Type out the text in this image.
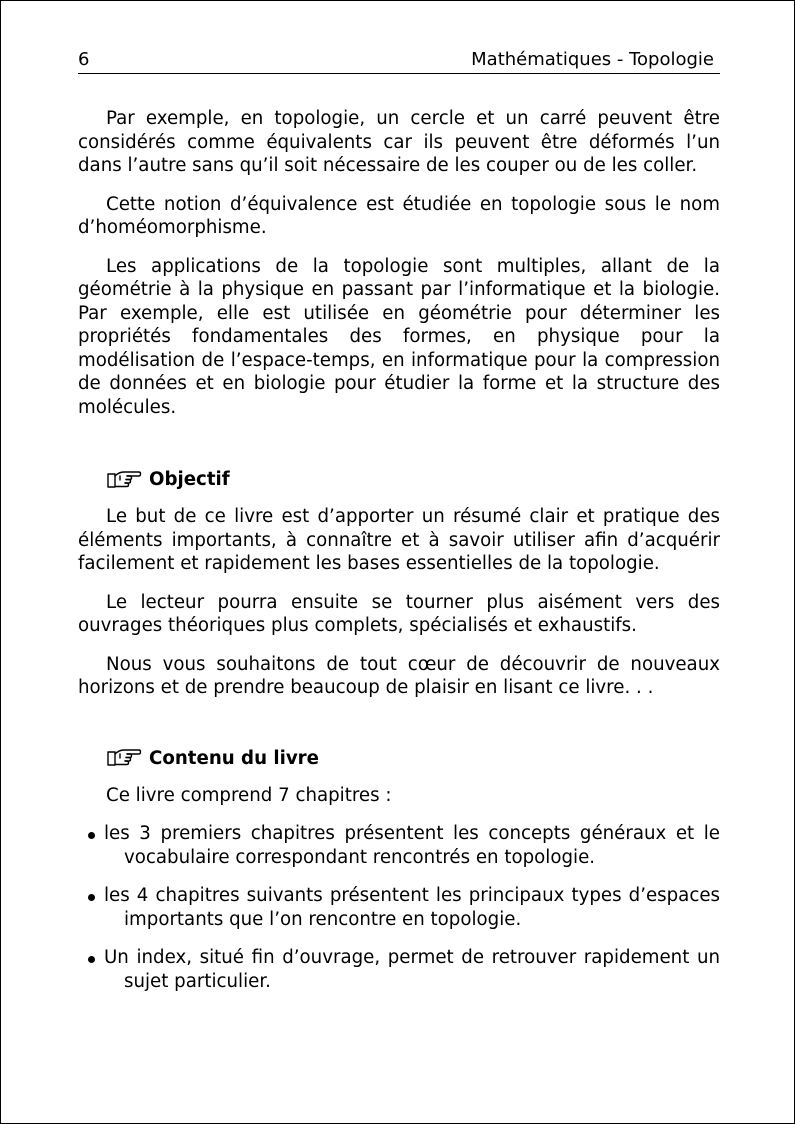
6	Mathématiques - Topologie

Par exemple, en topologie, un cercle et un carré peuvent être considérés comme équivalents car ils peuvent être déformés l’un dans l’autre sans qu’il soit nécessaire de les couper ou de les coller.

Cette notion d’équivalence est étudiée en topologie sous le nom d’homéomorphisme.

Les applications de la topologie sont multiples, allant de la géométrie à la physique en passant par l’informatique et la biologie. Par exemple, elle est utilisée en géométrie pour déterminer les propriétés fondamentales des formes, en physique pour la modélisation de l’espace-temps, en informatique pour la compression de données et en biologie pour étudier la forme et la structure des molécules.

Objectif

Le but de ce livre est d’apporter un résumé clair et pratique des éléments importants, à connaître et à savoir utiliser afin d’acquérir facilement et rapidement les bases essentielles de la topologie.

Le lecteur pourra ensuite se tourner plus aisément vers des ouvrages théoriques plus complets, spécialisés et exhaustifs.

Nous vous souhaitons de tout cœur de découvrir de nouveaux horizons et de prendre beaucoup de plaisir en lisant ce livre. . .

Contenu du livre

Ce livre comprend 7 chapitres :

les 3 premiers chapitres présentent les concepts généraux et le vocabulaire correspondant rencontrés en topologie.
les 4 chapitres suivants présentent les principaux types d’espaces importants que l’on rencontre en topologie.
Un index, situé fin d’ouvrage, permet de retrouver rapidement un sujet particulier.
